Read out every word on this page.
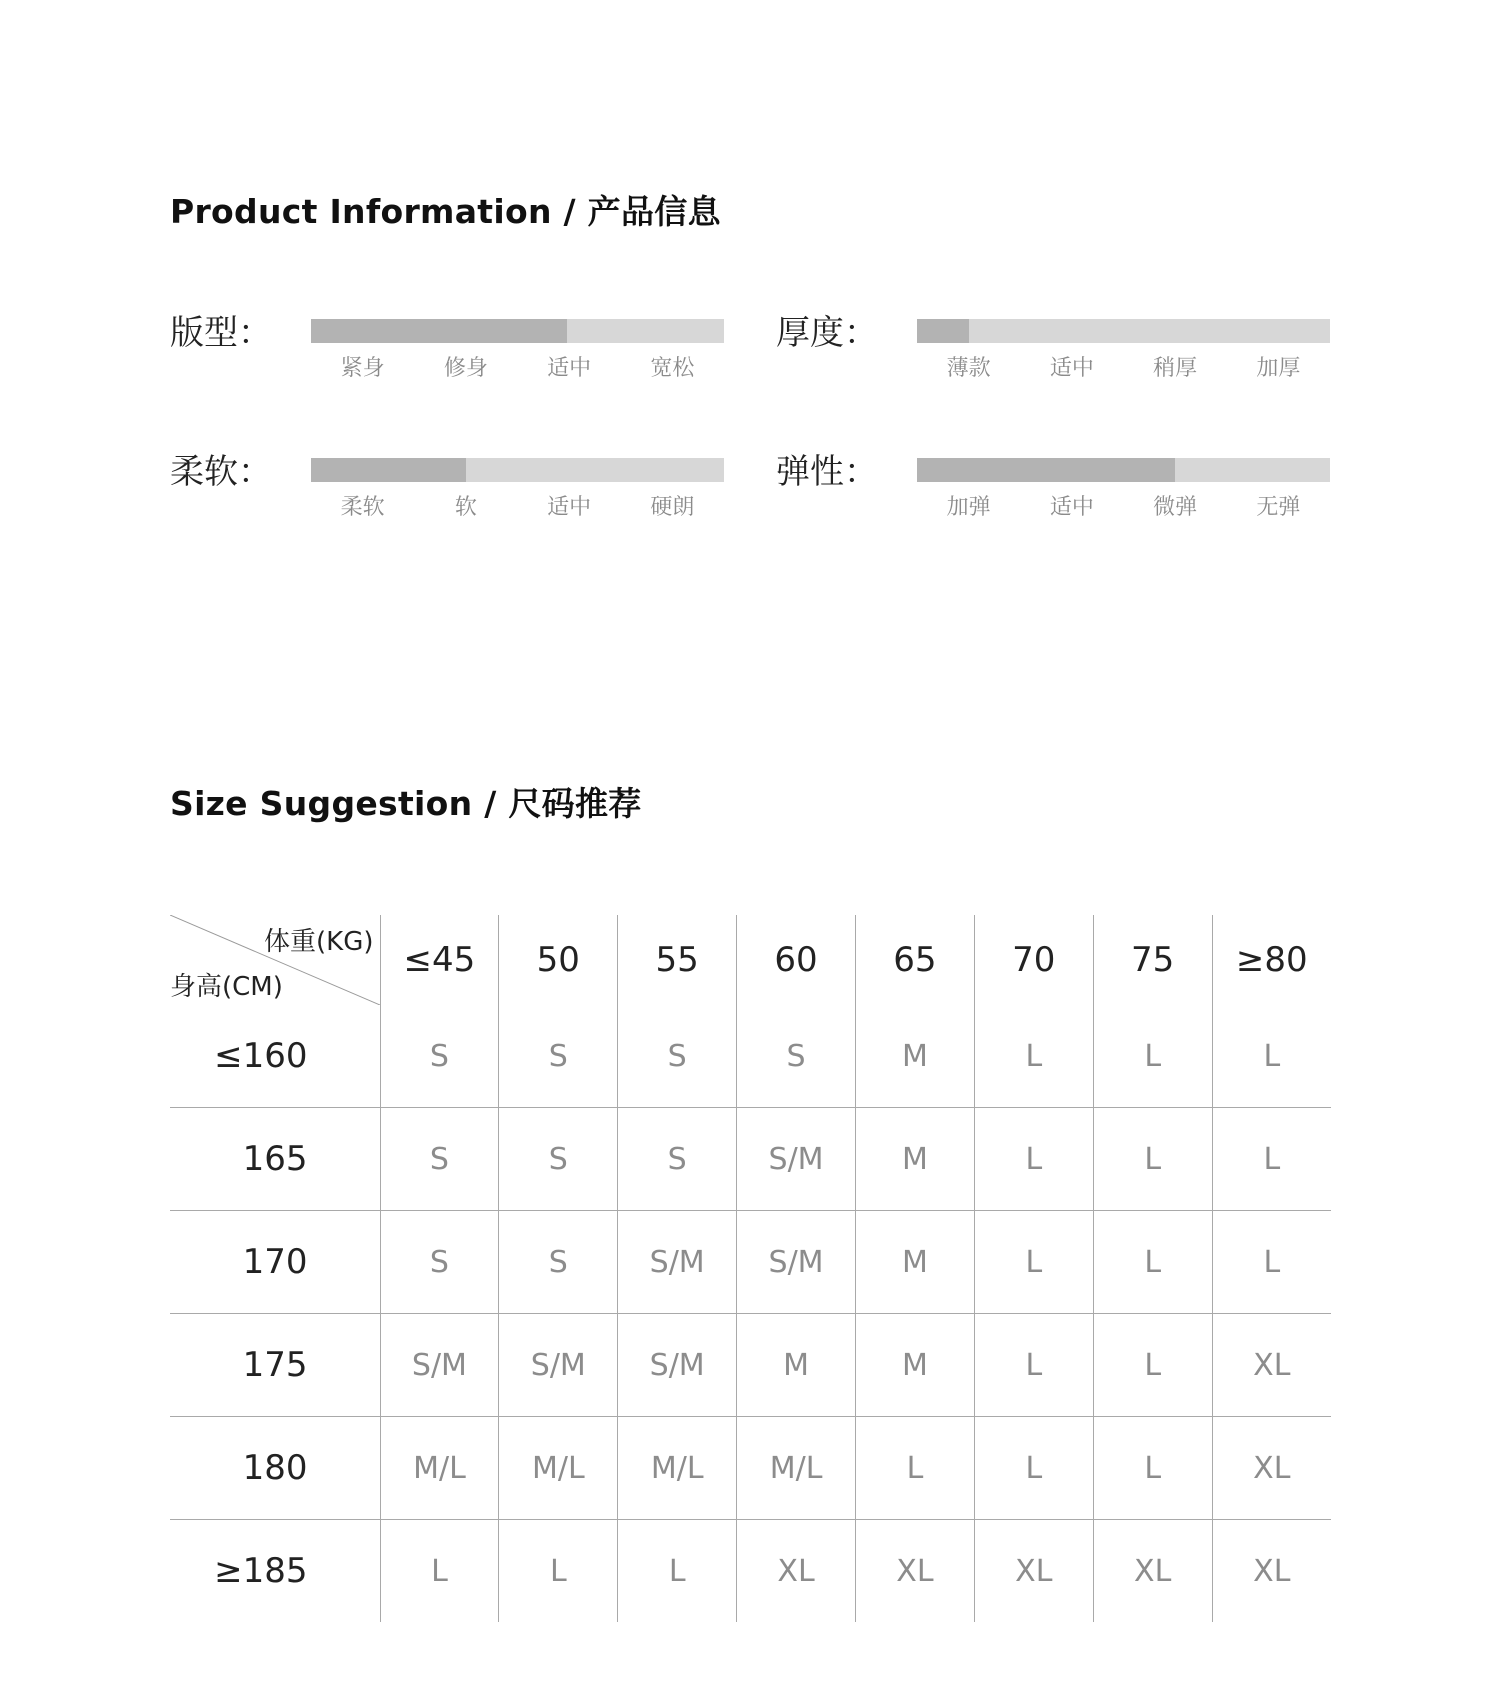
Product Information / 产品信息
版型：
紧身	修身	适中	宽松
厚度：
薄款	适中	稍厚	加厚
柔软：
柔软	软	适中	硬朗
弹性：
加弹	适中	微弹	无弹
Size Suggestion / 尺码推荐
体重(KG)
身高(CM)	≤45	50	55	60	65	70	75	≥80
≤160	S	S	S	S	M	L	L	L
165	S	S	S	S/M	M	L	L	L
170	S	S	S/M	S/M	M	L	L	L
175	S/M	S/M	S/M	M	M	L	L	XL
180	M/L	M/L	M/L	M/L	L	L	L	XL
≥185	L	L	L	XL	XL	XL	XL	XL
